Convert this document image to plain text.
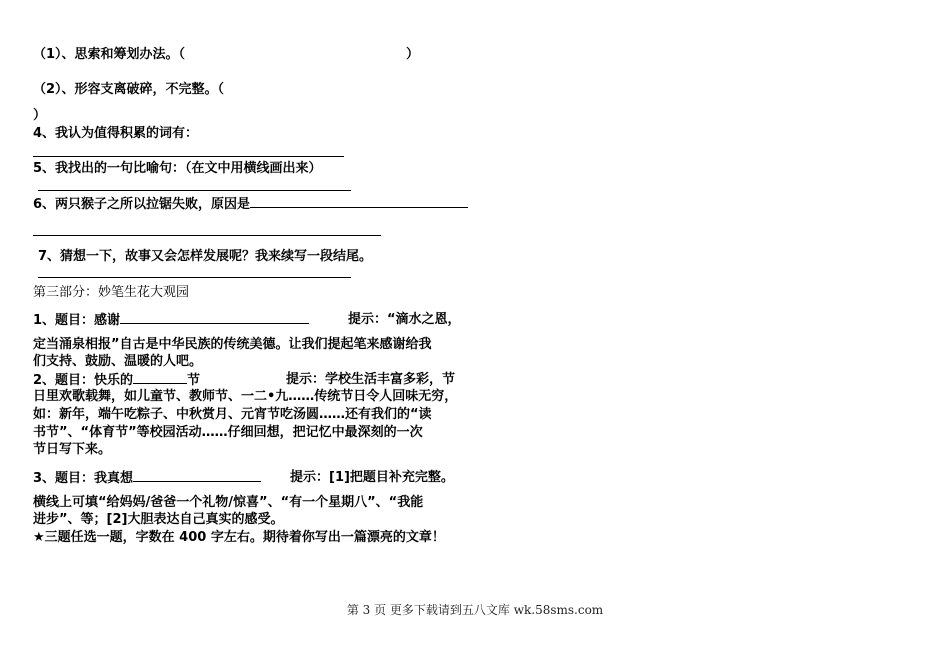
（1）、思索和筹划办法。（	）
（2）、形容支离破碎，不完整。（
）
4、我认为值得积累的词有：
5、我找出的一句比喻句：（在文中用横线画出来）
6、两只猴子之所以拉锯失败，原因是
7、猜想一下，故事又会怎样发展呢？我来续写一段结尾。
第三部分：妙笔生花大观园
1、题目：感谢	提示：“滴水之恩，
定当涌泉相报”自古是中华民族的传统美德。让我们提起笔来感谢给我
们支持、鼓励、温暖的人吧。
2、题目：快乐的	节	提示：学校生活丰富多彩，节
日里欢歌载舞，如儿童节、教师节、一二•九……传统节日令人回味无穷，
如：新年，端午吃粽子、中秋赏月、元宵节吃汤圆……还有我们的“读
书节”、“体育节”等校园活动……仔细回想，把记忆中最深刻的一次
节日写下来。
3、题目：我真想	提示：[1]把题目补充完整。
横线上可填“给妈妈/爸爸一个礼物/惊喜”、“有一个星期八”、“我能
进步”、等；[2]大胆表达自己真实的感受。
★三题任选一题，字数在 400 字左右。期待着你写出一篇漂亮的文章！
第 3 页 更多下载请到五八文库 wk.58sms.com
